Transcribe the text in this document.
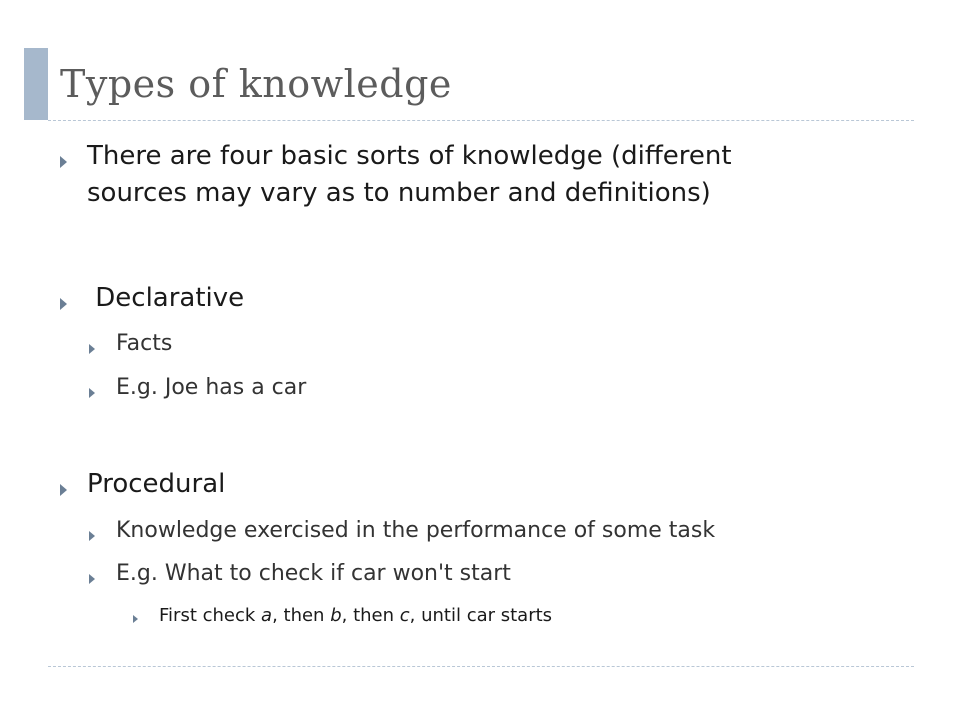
Types of knowledge
There are four basic sorts of knowledge (different
sources may vary as to number and definitions)
Declarative
Facts
E.g. Joe has a car
Procedural
Knowledge exercised in the performance of some task
E.g. What to check if car won't start
First check a, then b, then c, until car starts
